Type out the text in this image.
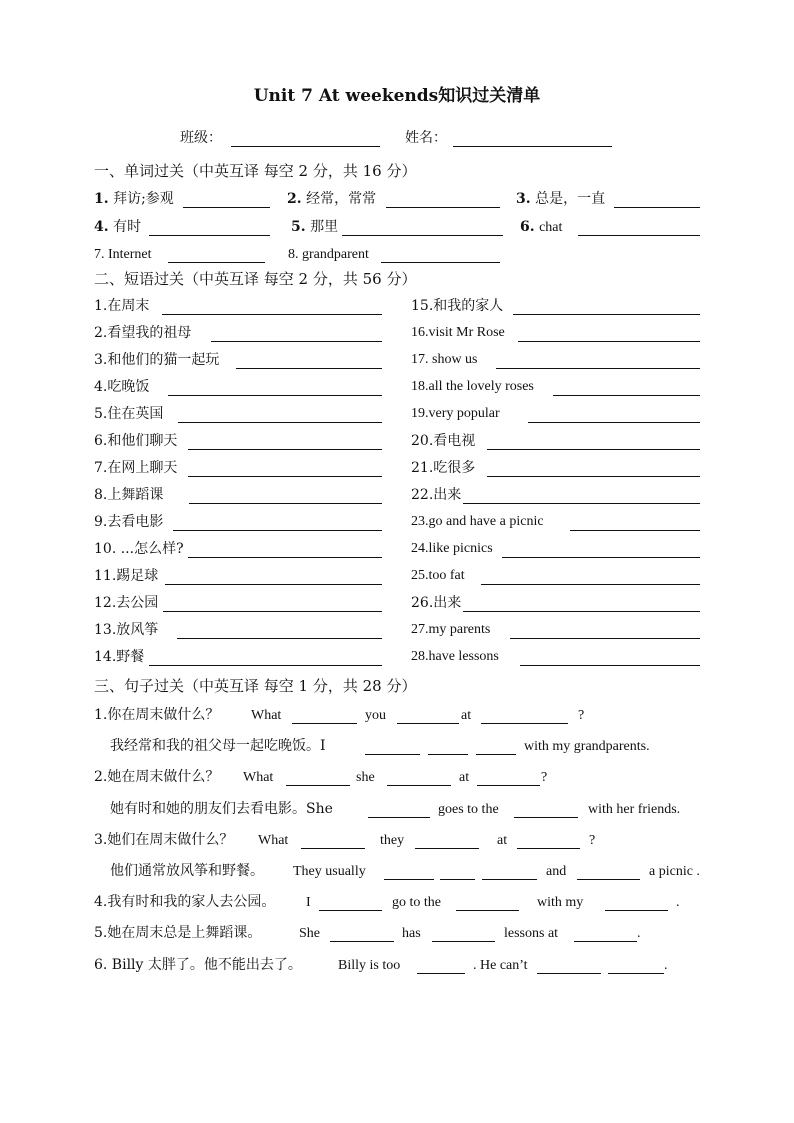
Unit 7 At weekends知识过关清单
班级：	姓名：
一、单词过关（中英互译 每空 2 分，共 16 分）
1. 拜访;参观	2. 经常，常常	3. 总是，一直
4. 有时	5. 那里	6. chat
7. Internet	8. grandparent
二、短语过关（中英互译 每空 2 分，共 56 分）
1.在周末	15.和我的家人
2.看望我的祖母	16.visit Mr Rose
3.和他们的猫一起玩	17. show us
4.吃晚饭	18.all the lovely roses
5.住在英国	19.very popular
6.和他们聊天	20.看电视
7.在网上聊天	21.吃很多
8.上舞蹈课	22.出来
9.去看电影	23.go and have a picnic
10. ...怎么样?	24.like picnics
11.踢足球	25.too fat
12.去公园	26.出来
13.放风筝	27.my parents
14.野餐	28.have lessons
三、句子过关（中英互译 每空 1 分，共 28 分）
1.你在周末做什么？ What	you	at	?
我经常和我的祖父母一起吃晚饭。I	with my grandparents.
2.她在周末做什么？ What	she	at	?
她有时和她的朋友们去看电影。She	goes to the	with her friends.
3.她们在周末做什么？ What	they	at	?
他们通常放风筝和野餐。 They usually	and	a picnic .
4.我有时和我的家人去公园。 I	go to the	with my	.
5.她在周末总是上舞蹈课。	She	has	lessons at	.
6. Billy 太胖了。他不能出去了。	Billy is too	. He can’t	.
